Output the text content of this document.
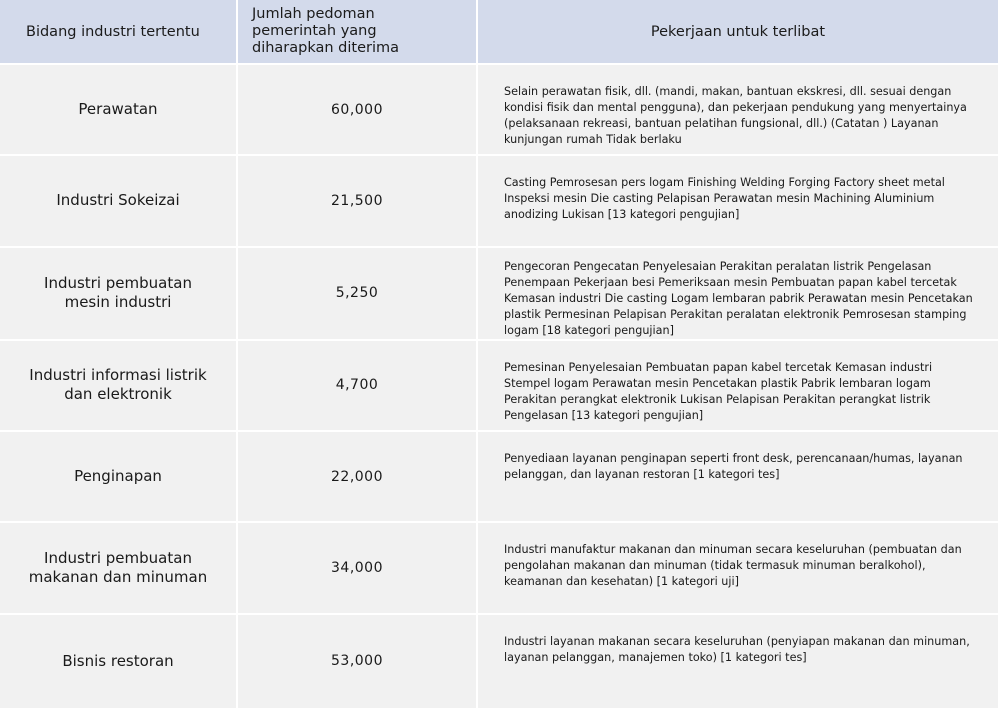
Bidang industri tertentu	Jumlah pedoman pemerintah yang diharapkan diterima	Pekerjaan untuk terlibat
Perawatan	60,000	Selain perawatan fisik, dll. (mandi, makan, bantuan ekskresi, dll. sesuai dengan kondisi fisik dan mental pengguna), dan pekerjaan pendukung yang menyertainya (pelaksanaan rekreasi, bantuan pelatihan fungsional, dll.) (Catatan ) Layanan kunjungan rumah Tidak berlaku
Industri Sokeizai	21,500	Casting Pemrosesan pers logam Finishing Welding Forging Factory sheet metal Inspeksi mesin Die casting Pelapisan Perawatan mesin Machining Aluminium anodizing Lukisan [13 kategori pengujian]

Industri pembuatan mesin industri	5,250	Pengecoran Pengecatan Penyelesaian Perakitan peralatan listrik Pengelasan Penempaan Pekerjaan besi Pemeriksaan mesin Pembuatan papan kabel tercetak Kemasan industri Die casting Logam lembaran pabrik Perawatan mesin Pencetakan plastik Permesinan Pelapisan Perakitan peralatan elektronik Pemrosesan stamping logam [18 kategori pengujian]

Industri informasi listrik dan elektronik	4,700	Pemesinan Penyelesaian Pembuatan papan kabel tercetak Kemasan industri Stempel logam Perawatan mesin Pencetakan plastik Pabrik lembaran logam Perakitan perangkat elektronik Lukisan Pelapisan Perakitan perangkat listrik Pengelasan [13 kategori pengujian]
Penginapan	22,000	Penyediaan layanan penginapan seperti front desk, perencanaan/humas, layanan pelanggan, dan layanan restoran [1 kategori tes]
Industri pembuatan makanan dan minuman	34,000	Industri manufaktur makanan dan minuman secara keseluruhan (pembuatan dan pengolahan makanan dan minuman (tidak termasuk minuman beralkohol), keamanan dan kesehatan) [1 kategori uji]
Bisnis restoran	53,000	Industri layanan makanan secara keseluruhan (penyiapan makanan dan minuman, layanan pelanggan, manajemen toko) [1 kategori tes]
